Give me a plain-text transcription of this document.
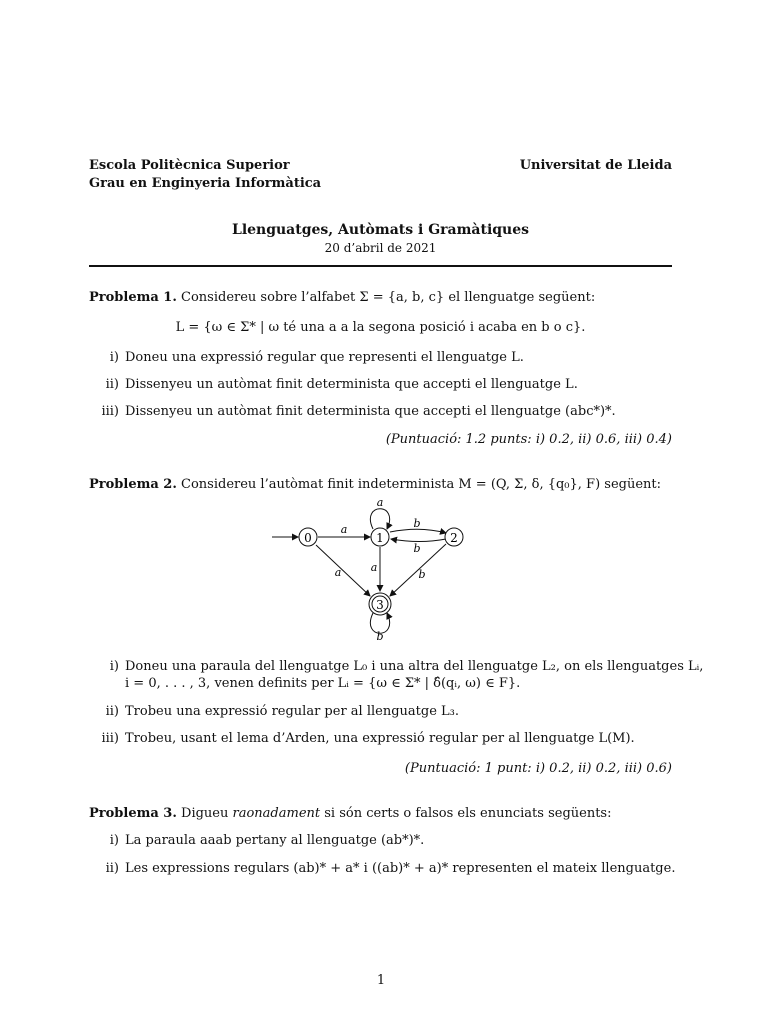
Escola Politècnica Superior
Grau en Enginyeria Informàtica
Universitat de Lleida
Llenguatges, Autòmats i Gramàtiques
20 d’abril de 2021
Problema 1. Considereu sobre l’alfabet Σ = {a, b, c} el llenguatge següent:
L = {ω ∈ Σ* | ω té una a a la segona posició i acaba en b o c}.
i) Doneu una expressió regular que representi el llenguatge L.
ii) Dissenyeu un autòmat finit determinista que accepti el llenguatge L.
iii) Dissenyeu un autòmat finit determinista que accepti el llenguatge (abc*)*.
(Puntuació: 1.2 punts: i) 0.2, ii) 0.6, iii) 0.4)
Problema 2. Considereu l’autòmat finit indeterminista M = (Q, Σ, δ, {q₀}, F) següent:
0	1	2
3
a
a
b
b
a	a
b
b
i) Doneu una paraula del llenguatge L₀ i una altra del llenguatge L₂, on els llenguatges Lᵢ,
i = 0, . . . , 3, venen definits per Lᵢ = {ω ∈ Σ* | δ̂(qᵢ, ω) ∈ F}.
ii) Trobeu una expressió regular per al llenguatge L₃.
iii) Trobeu, usant el lema d’Arden, una expressió regular per al llenguatge L(M).
(Puntuació: 1 punt: i) 0.2, ii) 0.2, iii) 0.6)
Problema 3. Digueu raonadament si són certs o falsos els enunciats següents:
i) La paraula aaab pertany al llenguatge (ab*)*.
ii) Les expressions regulars (ab)* + a* i ((ab)* + a)* representen el mateix llenguatge.
1
